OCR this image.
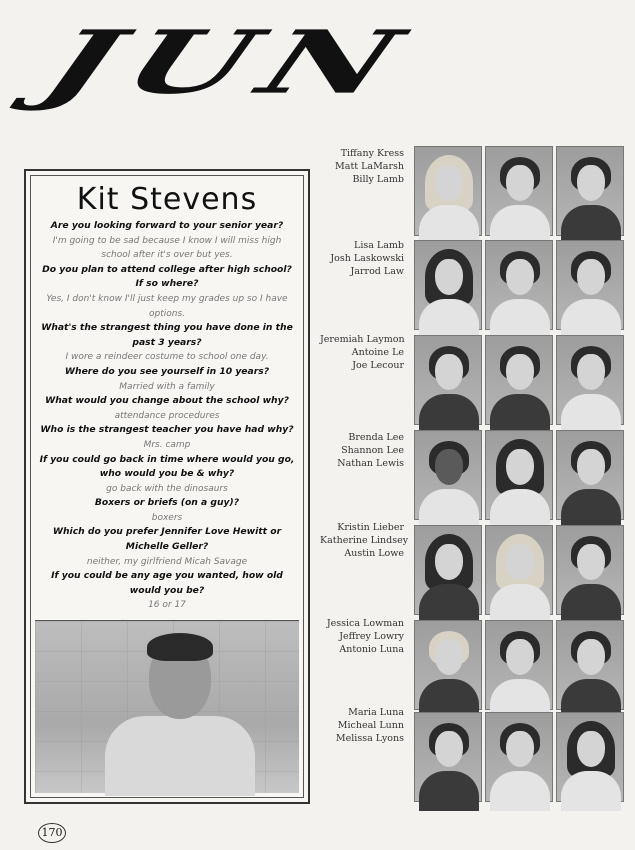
JUN
Kit Stevens
Are you looking forward to your senior year?
I'm going to be sad because I know I will miss high school after it's over but yes.
Do you plan to attend college after high school? If so where?
Yes, I don't know I'll just keep my grades up so I have options.
What's the strangest thing you have done in the past 3 years?
I wore a reindeer costume to school one day.
Where do you see yourself in 10 years?
Married with a family
What would you change about the school why?
attendance procedures
Who is the strangest teacher you have had why?
Mrs. camp
If you could go back in time where would you go, who would you be & why?
go back with the dinosaurs
Boxers or briefs (on a guy)?
boxers
Which do you prefer Jennifer Love Hewitt or Michelle Geller?
neither, my girlfriend Micah Savage
If you could be any age you wanted, how old would you be?
16 or 17
170
Tiffany Kress
Matt LaMarsh
Billy Lamb
Lisa Lamb
Josh Laskowski
Jarrod Law
Jeremiah Laymon
Antoine Le
Joe Lecour
Brenda Lee
Shannon Lee
Nathan Lewis
Kristin Lieber
Katherine Lindsey
Austin Lowe
Jessica Lowman
Jeffrey Lowry
Antonio Luna
Maria Luna
Micheal Lunn
Melissa Lyons
